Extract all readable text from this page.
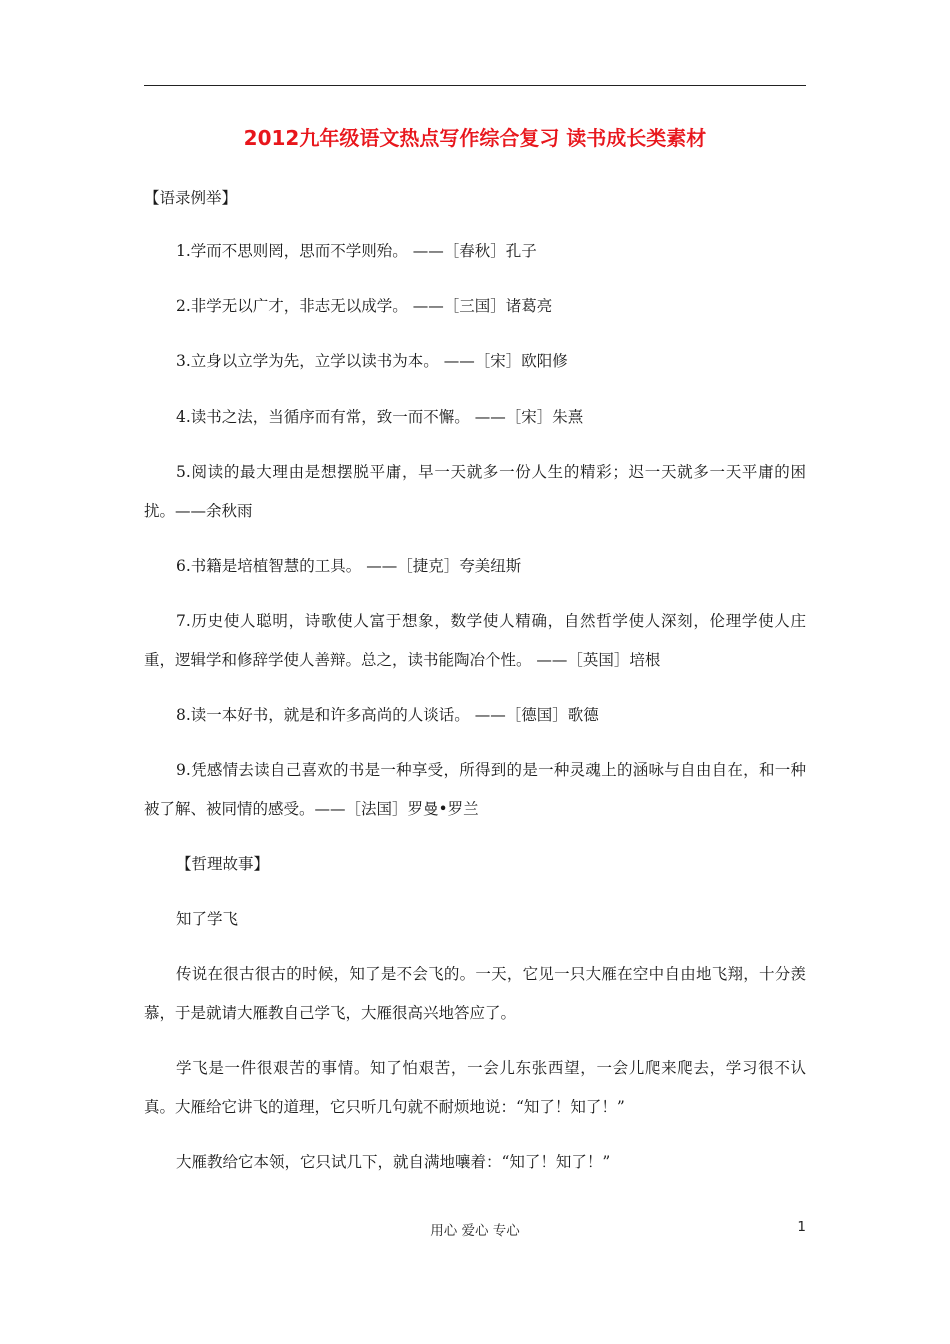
2012九年级语文热点写作综合复习 读书成长类素材

【语录例举】

1.学而不思则罔，思而不学则殆。 ——［春秋］孔子

2.非学无以广才，非志无以成学。 ——［三国］诸葛亮

3.立身以立学为先，立学以读书为本。 ——［宋］欧阳修

4.读书之法，当循序而有常，致一而不懈。 ——［宋］朱熹

5.阅读的最大理由是想摆脱平庸，早一天就多一份人生的精彩；迟一天就多一天平庸的困扰。——余秋雨

6.书籍是培植智慧的工具。 ——［捷克］夸美纽斯

7.历史使人聪明，诗歌使人富于想象，数学使人精确，自然哲学使人深刻，伦理学使人庄重，逻辑学和修辞学使人善辩。总之，读书能陶冶个性。 ——［英国］培根

8.读一本好书，就是和许多高尚的人谈话。 ——［德国］歌德

9.凭感情去读自己喜欢的书是一种享受，所得到的是一种灵魂上的涵咏与自由自在，和一种被了解、被同情的感受。——［法国］罗曼•罗兰

【哲理故事】

知了学飞

传说在很古很古的时候，知了是不会飞的。一天，它见一只大雁在空中自由地飞翔，十分羡慕，于是就请大雁教自己学飞，大雁很高兴地答应了。

学飞是一件很艰苦的事情。知了怕艰苦，一会儿东张西望，一会儿爬来爬去，学习很不认真。大雁给它讲飞的道理，它只听几句就不耐烦地说：“知了！知了！”

大雁教给它本领，它只试几下，就自满地嚷着：“知了！知了！”

用心 爱心 专心	1
